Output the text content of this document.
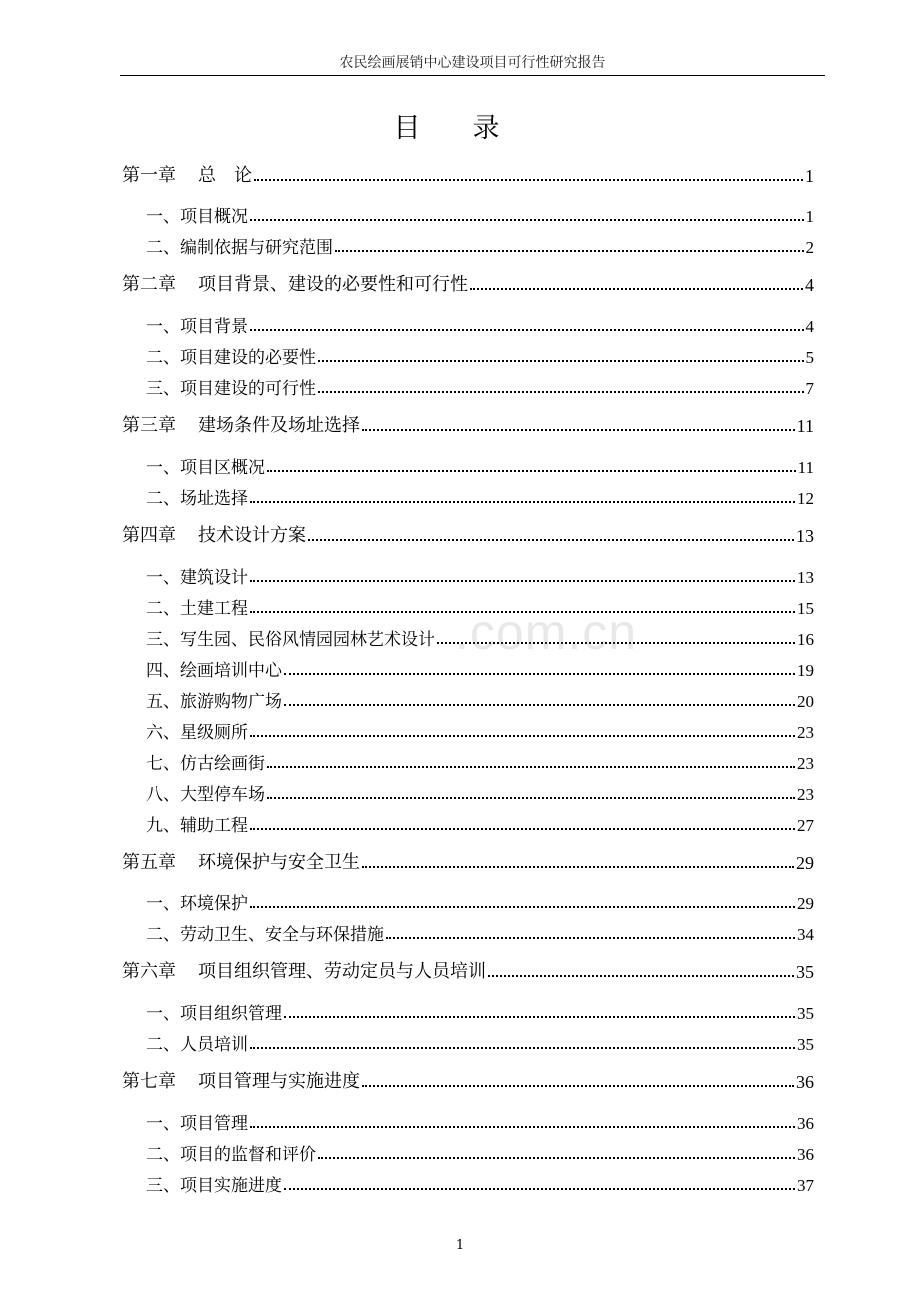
农民绘画展销中心建设项目可行性研究报告
目录
第一章 总　论	1
一、项目概况	1
二、编制依据与研究范围	2
第二章 项目背景、建设的必要性和可行性	4
一、项目背景	4
二、项目建设的必要性	5
三、项目建设的可行性	7
第三章 建场条件及场址选择	11
一、项目区概况	11
二、场址选择	12
第四章 技术设计方案	13
一、建筑设计	13
二、土建工程	15
三、写生园、民俗风情园园林艺术设计	16
四、绘画培训中心	19
五、旅游购物广场	20
六、星级厕所	23
七、仿古绘画街	23
八、大型停车场	23
九、辅助工程	27
第五章 环境保护与安全卫生	29
一、环境保护	29
二、劳动卫生、安全与环保措施	34
第六章 项目组织管理、劳动定员与人员培训	35
一、项目组织管理	35
二、人员培训	35
第七章 项目管理与实施进度	36
一、项目管理	36
二、项目的监督和评价	36
三、项目实施进度	37
.com.cn
1
